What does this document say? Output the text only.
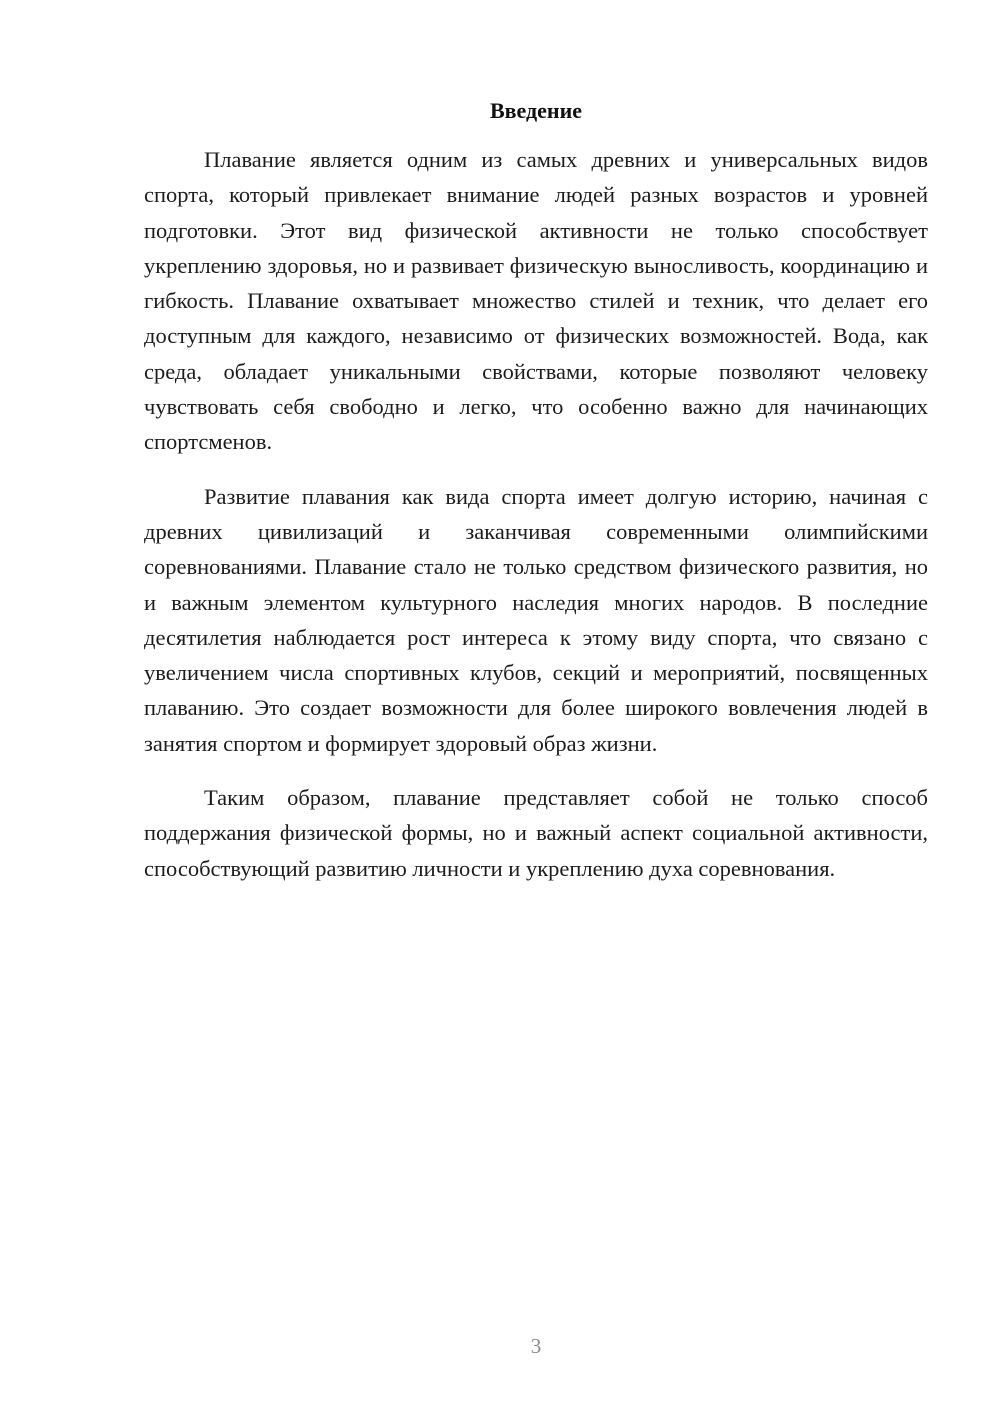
Введение

Плавание является одним из самых древних и универсальных видов спорта, который привлекает внимание людей разных возрастов и уровней подготовки. Этот вид физической активности не только способствует укреплению здоровья, но и развивает физическую выносливость, координацию и гибкость. Плавание охватывает множество стилей и техник, что делает его доступным для каждого, независимо от физических возможностей. Вода, как среда, обладает уникальными свойствами, которые позволяют человеку чувствовать себя свободно и легко, что особенно важно для начинающих спортсменов.

Развитие плавания как вида спорта имеет долгую историю, начиная с древних цивилизаций и заканчивая современными олимпийскими соревнованиями. Плавание стало не только средством физического развития, но и важным элементом культурного наследия многих народов. В последние десятилетия наблюдается рост интереса к этому виду спорта, что связано с увеличением числа спортивных клубов, секций и мероприятий, посвященных плаванию. Это создает возможности для более широкого вовлечения людей в занятия спортом и формирует здоровый образ жизни.

Таким образом, плавание представляет собой не только способ поддержания физической формы, но и важный аспект социальной активности, способствующий развитию личности и укреплению духа соревнования.

3
